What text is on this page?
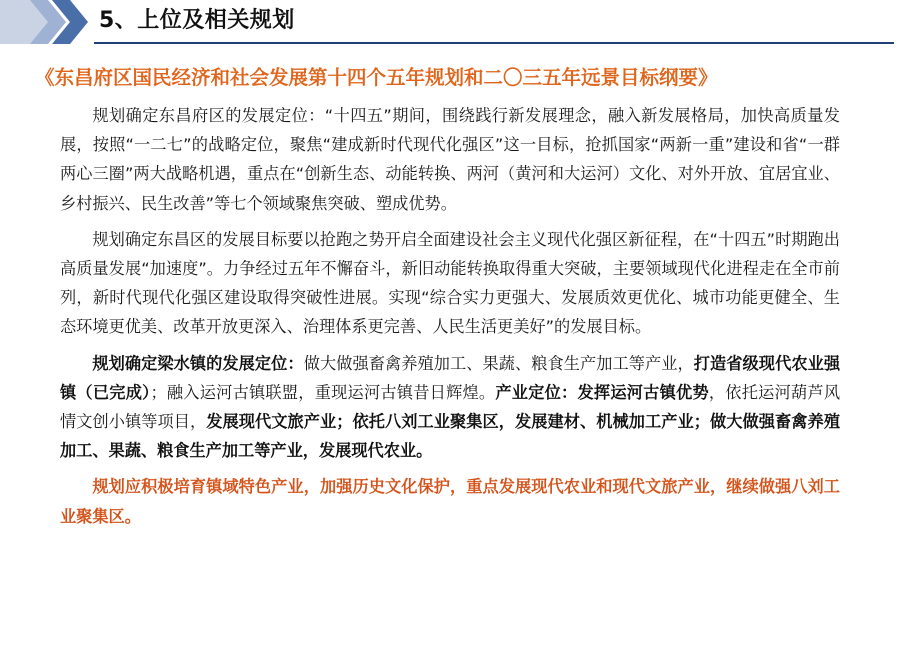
5、上位及相关规划
《东昌府区国民经济和社会发展第十四个五年规划和二〇三五年远景目标纲要》

规划确定东昌府区的发展定位：“十四五”期间，围绕践行新发展理念，融入新发展格局，加快高质量发展，按照“一二七”的战略定位，聚焦“建成新时代现代化强区”这一目标，抢抓国家“两新一重”建设和省“一群两心三圈”两大战略机遇，重点在“创新生态、动能转换、两河（黄河和大运河）文化、对外开放、宜居宜业、乡村振兴、民生改善”等七个领域聚焦突破、塑成优势。

规划确定东昌区的发展目标要以抢跑之势开启全面建设社会主义现代化强区新征程，在“十四五”时期跑出高质量发展“加速度”。力争经过五年不懈奋斗，新旧动能转换取得重大突破，主要领域现代化进程走在全市前列，新时代现代化强区建设取得突破性进展。实现“综合实力更强大、发展质效更优化、城市功能更健全、生态环境更优美、改革开放更深入、治理体系更完善、人民生活更美好”的发展目标。

规划确定梁水镇的发展定位：做大做强畜禽养殖加工、果蔬、粮食生产加工等产业，打造省级现代农业强镇（已完成）；融入运河古镇联盟，重现运河古镇昔日辉煌。产业定位：发挥运河古镇优势，依托运河葫芦风情文创小镇等项目，发展现代文旅产业；依托八刘工业聚集区，发展建材、机械加工产业；做大做强畜禽养殖加工、果蔬、粮食生产加工等产业，发展现代农业。

规划应积极培育镇域特色产业，加强历史文化保护，重点发展现代农业和现代文旅产业，继续做强八刘工业聚集区。
